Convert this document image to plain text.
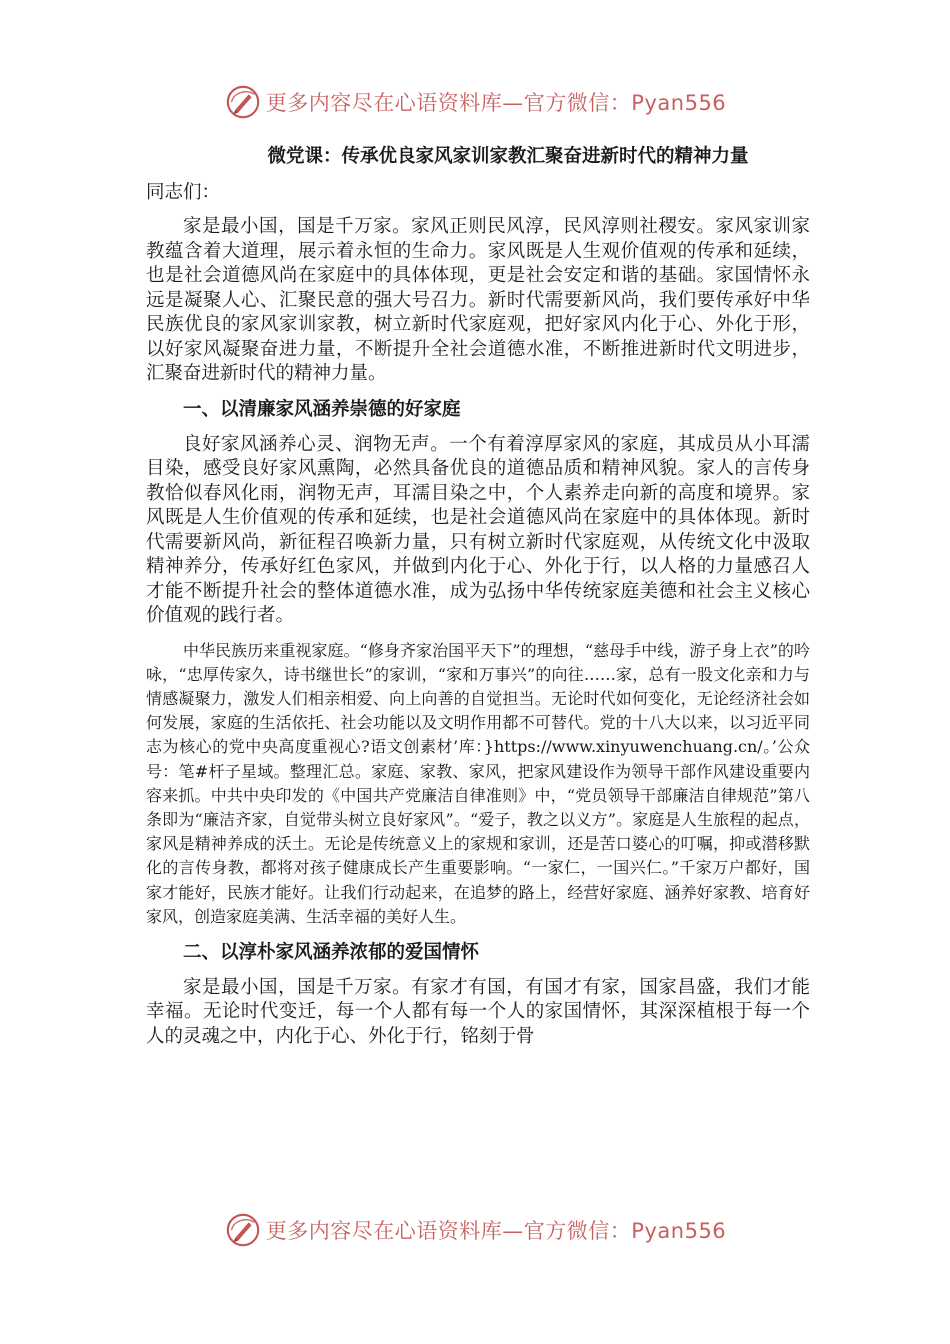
更多内容尽在心语资料库—官方微信：Pyan556
微党课：传承优良家风家训家教汇聚奋进新时代的精神力量
同志们：

家是最小国，国是千万家。家风正则民风淳，民风淳则社稷安。家风家训家教蕴含着大道理，展示着永恒的生命力。家风既是人生观价值观的传承和延续，也是社会道德风尚在家庭中的具体体现，更是社会安定和谐的基础。家国情怀永远是凝聚人心、汇聚民意的强大号召力。新时代需要新风尚，我们要传承好中华民族优良的家风家训家教，树立新时代家庭观，把好家风内化于心、外化于形，以好家风凝聚奋进力量，不断提升全社会道德水准，不断推进新时代文明进步，汇聚奋进新时代的精神力量。

一、以清廉家风涵养崇德的好家庭

良好家风涵养心灵、润物无声。一个有着淳厚家风的家庭，其成员从小耳濡目染，感受良好家风熏陶，必然具备优良的道德品质和精神风貌。家人的言传身教恰似春风化雨，润物无声，耳濡目染之中，个人素养走向新的高度和境界。家风既是人生价值观的传承和延续，也是社会道德风尚在家庭中的具体体现。新时代需要新风尚，新征程召唤新力量，只有树立新时代家庭观，从传统文化中汲取精神养分，传承好红色家风，并做到内化于心、外化于行，以人格的力量感召人才能不断提升社会的整体道德水准，成为弘扬中华传统家庭美德和社会主义核心价值观的践行者。

中华民族历来重视家庭。“修身齐家治国平天下”的理想，“慈母手中线，游子身上衣”的吟咏，“忠厚传家久，诗书继世长”的家训，“家和万事兴”的向往……家，总有一股文化亲和力与情感凝聚力，激发人们相亲相爱、向上向善的自觉担当。无论时代如何变化，无论经济社会如何发展，家庭的生活依托、社会功能以及文明作用都不可替代。党的十八大以来，以习近平同志为核心的党中央高度重视心?语文创素材’库：}https://www.xinyuwenchuang.cn/。’公众号：笔#杆子星域。整理汇总。家庭、家教、家风，把家风建设作为领导干部作风建设重要内容来抓。中共中央印发的《中国共产党廉洁自律准则》中，“党员领导干部廉洁自律规范”第八条即为“廉洁齐家，自觉带头树立良好家风”。“爱子，教之以义方”。家庭是人生旅程的起点，家风是精神养成的沃土。无论是传统意义上的家规和家训，还是苦口婆心的叮嘱，抑或潜移默化的言传身教，都将对孩子健康成长产生重要影响。“一家仁，一国兴仁。”千家万户都好，国家才能好，民族才能好。让我们行动起来，在追梦的路上，经营好家庭、涵养好家教、培育好家风，创造家庭美满、生活幸福的美好人生。

二、以淳朴家风涵养浓郁的爱国情怀

家是最小国，国是千万家。有家才有国，有国才有家，国家昌盛，我们才能幸福。无论时代变迁，每一个人都有每一个人的家国情怀，其深深植根于每一个人的灵魂之中，内化于心、外化于行，铭刻于骨

更多内容尽在心语资料库—官方微信：Pyan556
